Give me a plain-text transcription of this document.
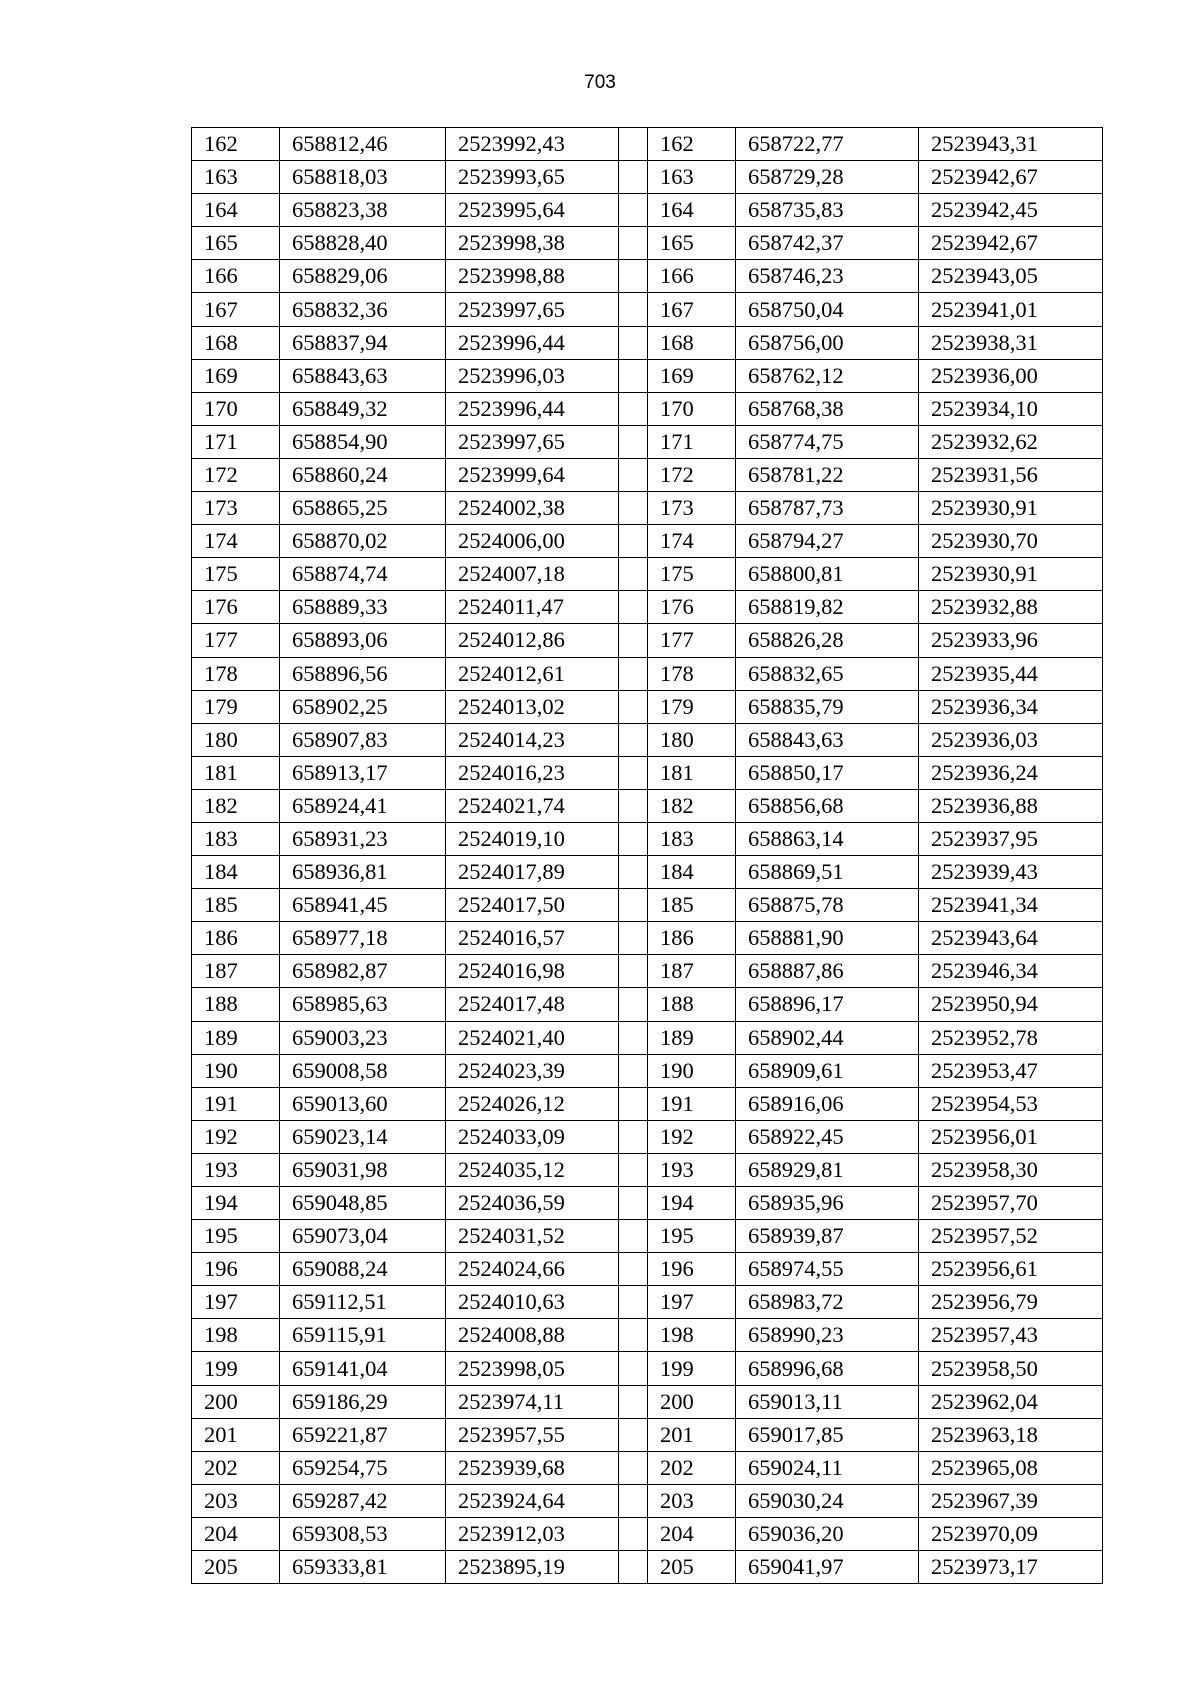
703
162	658812,46	2523992,43		162	658722,77	2523943,31
163	658818,03	2523993,65		163	658729,28	2523942,67
164	658823,38	2523995,64		164	658735,83	2523942,45
165	658828,40	2523998,38		165	658742,37	2523942,67
166	658829,06	2523998,88		166	658746,23	2523943,05
167	658832,36	2523997,65		167	658750,04	2523941,01
168	658837,94	2523996,44		168	658756,00	2523938,31
169	658843,63	2523996,03		169	658762,12	2523936,00
170	658849,32	2523996,44		170	658768,38	2523934,10
171	658854,90	2523997,65		171	658774,75	2523932,62
172	658860,24	2523999,64		172	658781,22	2523931,56
173	658865,25	2524002,38		173	658787,73	2523930,91
174	658870,02	2524006,00		174	658794,27	2523930,70
175	658874,74	2524007,18		175	658800,81	2523930,91
176	658889,33	2524011,47		176	658819,82	2523932,88
177	658893,06	2524012,86		177	658826,28	2523933,96
178	658896,56	2524012,61		178	658832,65	2523935,44
179	658902,25	2524013,02		179	658835,79	2523936,34
180	658907,83	2524014,23		180	658843,63	2523936,03
181	658913,17	2524016,23		181	658850,17	2523936,24
182	658924,41	2524021,74		182	658856,68	2523936,88
183	658931,23	2524019,10		183	658863,14	2523937,95
184	658936,81	2524017,89		184	658869,51	2523939,43
185	658941,45	2524017,50		185	658875,78	2523941,34
186	658977,18	2524016,57		186	658881,90	2523943,64
187	658982,87	2524016,98		187	658887,86	2523946,34
188	658985,63	2524017,48		188	658896,17	2523950,94
189	659003,23	2524021,40		189	658902,44	2523952,78
190	659008,58	2524023,39		190	658909,61	2523953,47
191	659013,60	2524026,12		191	658916,06	2523954,53
192	659023,14	2524033,09		192	658922,45	2523956,01
193	659031,98	2524035,12		193	658929,81	2523958,30
194	659048,85	2524036,59		194	658935,96	2523957,70
195	659073,04	2524031,52		195	658939,87	2523957,52
196	659088,24	2524024,66		196	658974,55	2523956,61
197	659112,51	2524010,63		197	658983,72	2523956,79
198	659115,91	2524008,88		198	658990,23	2523957,43
199	659141,04	2523998,05		199	658996,68	2523958,50
200	659186,29	2523974,11		200	659013,11	2523962,04
201	659221,87	2523957,55		201	659017,85	2523963,18
202	659254,75	2523939,68		202	659024,11	2523965,08
203	659287,42	2523924,64		203	659030,24	2523967,39
204	659308,53	2523912,03		204	659036,20	2523970,09
205	659333,81	2523895,19		205	659041,97	2523973,17
